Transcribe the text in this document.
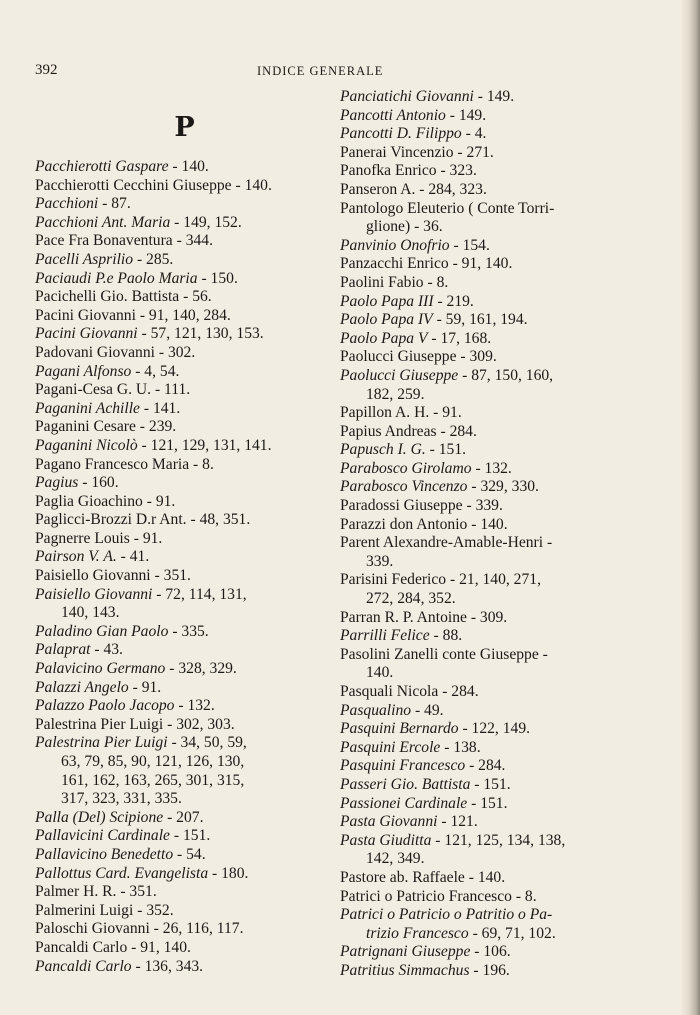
392	INDICE GENERALE
P
Pacchierotti Gaspare - 140.
Pacchierotti Cecchini Giuseppe - 140.
Pacchioni - 87.
Pacchioni Ant. Maria - 149, 152.
Pace Fra Bonaventura - 344.
Pacelli Asprilio - 285.
Paciaudi P.e Paolo Maria - 150.
Pacichelli Gio. Battista - 56.
Pacini Giovanni - 91, 140, 284.
Pacini Giovanni - 57, 121, 130, 153.
Padovani Giovanni - 302.
Pagani Alfonso - 4, 54.
Pagani-Cesa G. U. - 111.
Paganini Achille - 141.
Paganini Cesare - 239.
Paganini Nicolò - 121, 129, 131, 141.
Pagano Francesco Maria - 8.
Pagius - 160.
Paglia Gioachino - 91.
Paglicci-Brozzi D.r Ant. - 48, 351.
Pagnerre Louis - 91.
Pairson V. A. - 41.
Paisiello Giovanni - 351.
Paisiello Giovanni - 72, 114, 131,
140, 143.
Paladino Gian Paolo - 335.
Palaprat - 43.
Palavicino Germano - 328, 329.
Palazzi Angelo - 91.
Palazzo Paolo Jacopo - 132.
Palestrina Pier Luigi - 302, 303.
Palestrina Pier Luigi - 34, 50, 59,
63, 79, 85, 90, 121, 126, 130,
161, 162, 163, 265, 301, 315,
317, 323, 331, 335.
Palla (Del) Scipione - 207.
Pallavicini Cardinale - 151.
Pallavicino Benedetto - 54.
Pallottus Card. Evangelista - 180.
Palmer H. R. - 351.
Palmerini Luigi - 352.
Paloschi Giovanni - 26, 116, 117.
Pancaldi Carlo - 91, 140.
Pancaldi Carlo - 136, 343.
Panciatichi Giovanni - 149.
Pancotti Antonio - 149.
Pancotti D. Filippo - 4.
Panerai Vincenzio - 271.
Panofka Enrico - 323.
Panseron A. - 284, 323.
Pantologo Eleuterio ( Conte Torri-
glione) - 36.
Panvinio Onofrio - 154.
Panzacchi Enrico - 91, 140.
Paolini Fabio - 8.
Paolo Papa III - 219.
Paolo Papa IV - 59, 161, 194.
Paolo Papa V - 17, 168.
Paolucci Giuseppe - 309.
Paolucci Giuseppe - 87, 150, 160,
182, 259.
Papillon A. H. - 91.
Papius Andreas - 284.
Papusch I. G. - 151.
Parabosco Girolamo - 132.
Parabosco Vincenzo - 329, 330.
Paradossi Giuseppe - 339.
Parazzi don Antonio - 140.
Parent Alexandre-Amable-Henri -
339.
Parisini Federico - 21, 140, 271,
272, 284, 352.
Parran R. P. Antoine - 309.
Parrilli Felice - 88.
Pasolini Zanelli conte Giuseppe -
140.
Pasquali Nicola - 284.
Pasqualino - 49.
Pasquini Bernardo - 122, 149.
Pasquini Ercole - 138.
Pasquini Francesco - 284.
Passeri Gio. Battista - 151.
Passionei Cardinale - 151.
Pasta Giovanni - 121.
Pasta Giuditta - 121, 125, 134, 138,
142, 349.
Pastore ab. Raffaele - 140.
Patrici o Patricio Francesco - 8.
Patrici o Patricio o Patritio o Pa-
trizio Francesco - 69, 71, 102.
Patrignani Giuseppe - 106.
Patritius Simmachus - 196.
